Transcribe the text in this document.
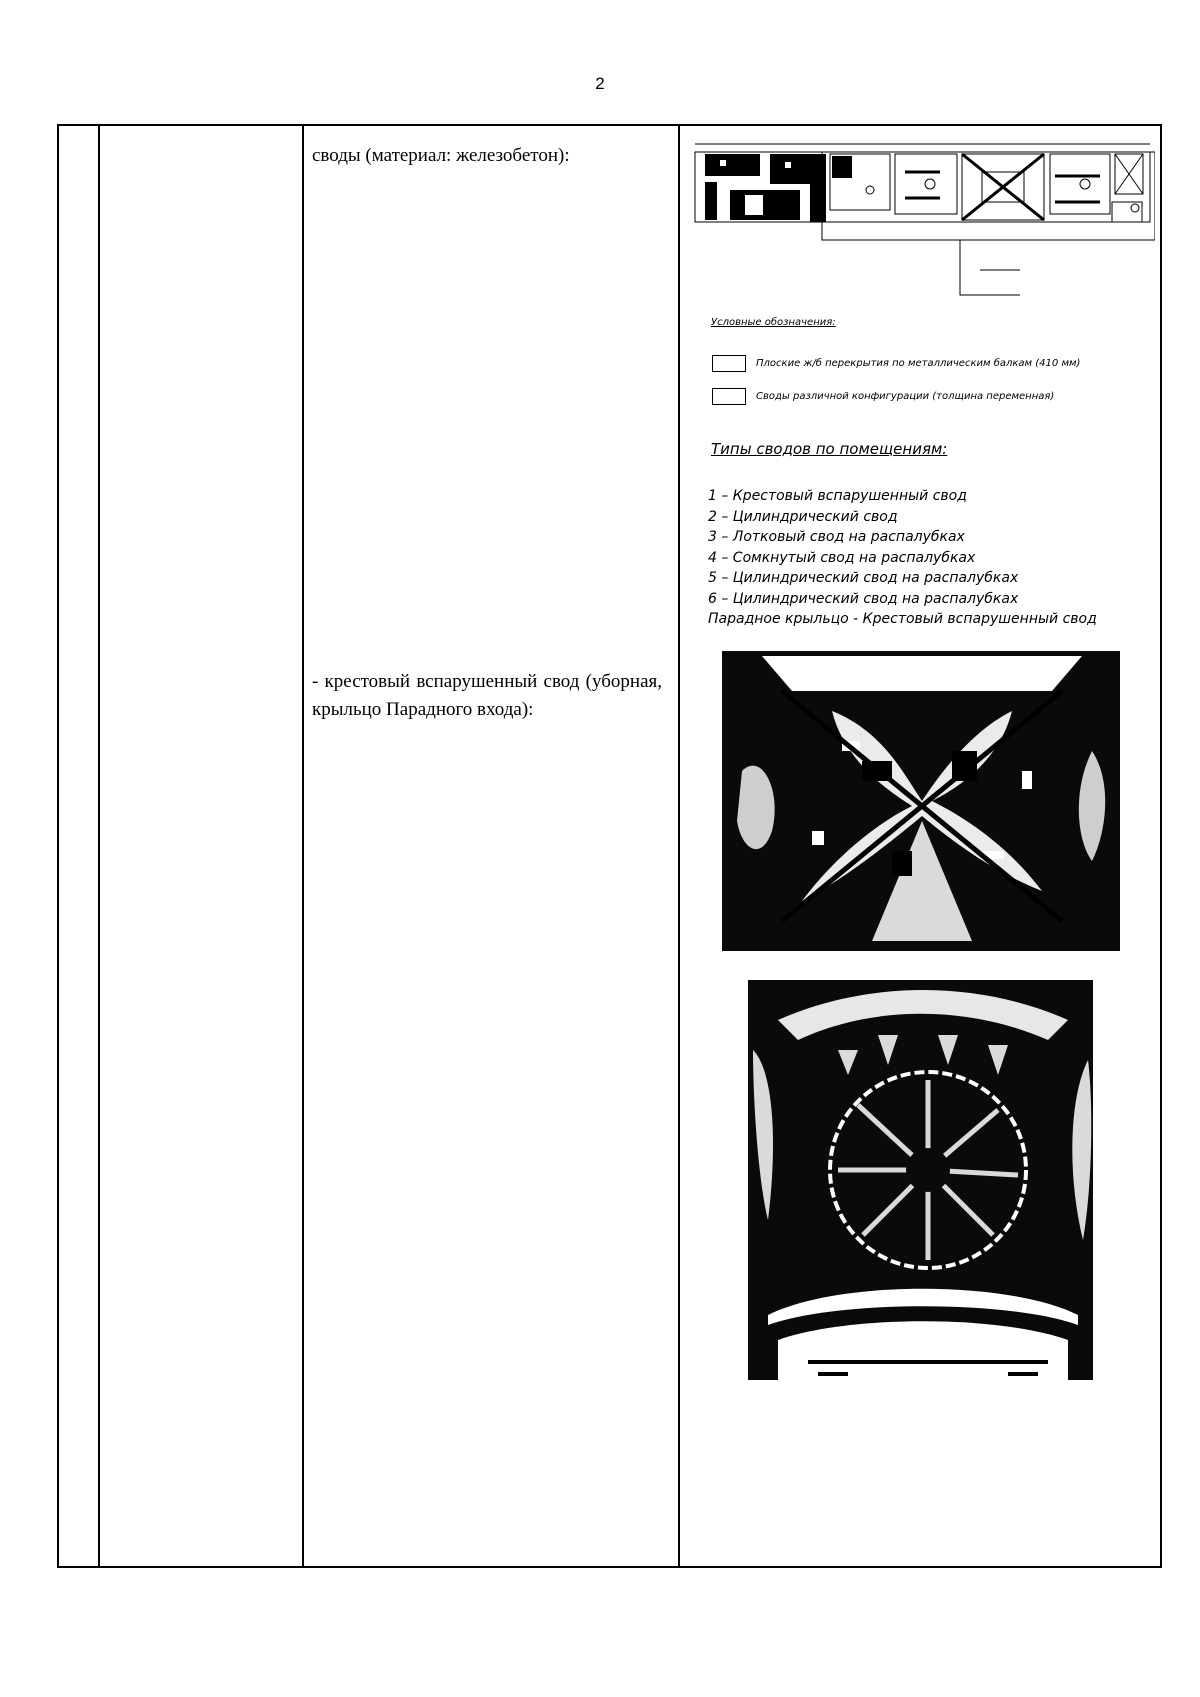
2
своды (материал: железобетон):
- крестовый вспарушенный свод (уборная, крыльцо Парадного входа):
Условные обозначения:
Плоские ж/б перекрытия по металлическим балкам (410 мм)
Своды различной конфигурации (толщина переменная)
Типы сводов по помещениям:
1 – Крестовый вспарушенный свод
2 – Цилиндрический свод
3 – Лотковый свод на распалубках
4 – Сомкнутый свод на распалубках
5 – Цилиндрический свод на распалубках
6 – Цилиндрический свод на распалубках
Парадное крыльцо - Крестовый вспарушенный свод
